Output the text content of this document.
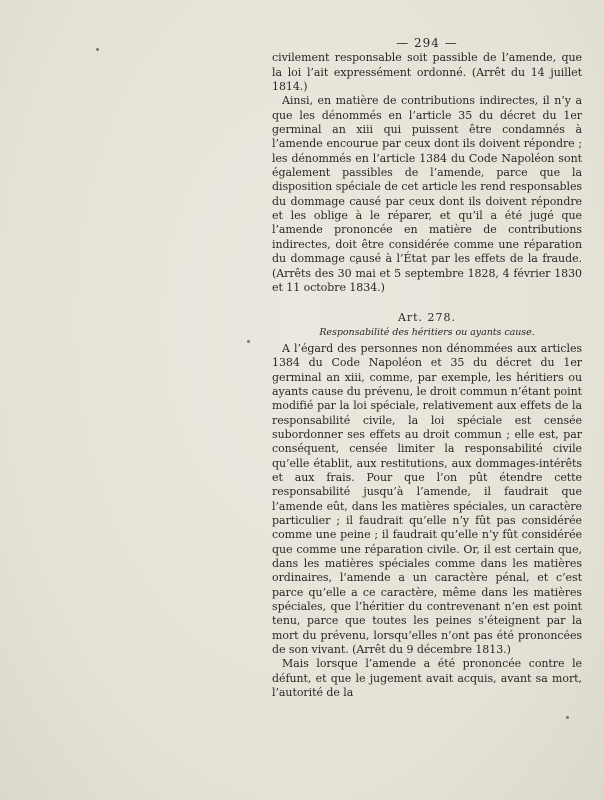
— 294 —

civilement responsable soit passible de l’amende, que la loi l’ait expressément ordonné. (Arrêt du 14 juillet 1814.)

Ainsi, en matière de contributions indirectes, il n’y a que les dénommés en l’article 35 du décret du 1er germinal an xiii qui puissent être condamnés à l’amende encourue par ceux dont ils doivent répondre ; les dénommés en l’article 1384 du Code Napoléon sont également passibles de l’amende, parce que la disposition spéciale de cet article les rend responsables du dommage causé par ceux dont ils doivent répondre et les oblige à le réparer, et qu’il a été jugé que l’amende prononcée en matière de contributions indirectes, doit être considérée comme une réparation du dommage causé à l’État par les effets de la fraude. (Arrêts des 30 mai et 5 septembre 1828, 4 février 1830 et 11 octobre 1834.)

Art. 278.
Responsabilité des héritiers ou ayants cause.

A l’égard des personnes non dénommées aux articles 1384 du Code Napoléon et 35 du décret du 1er germinal an xiii, comme, par exemple, les héritiers ou ayants cause du prévenu, le droit commun n’étant point modifié par la loi spéciale, relativement aux effets de la responsabilité civile, la loi spéciale est censée subordonner ses effets au droit commun ; elle est, par conséquent, censée limiter la responsabilité civile qu’elle établit, aux restitutions, aux dommages-intérêts et aux frais. Pour que l’on pût étendre cette responsabilité jusqu’à l’amende, il faudrait que l’amende eût, dans les matières spéciales, un caractère particulier ; il faudrait qu’elle n’y fût pas considérée comme une peine ; il faudrait qu’elle n’y fût considérée que comme une réparation civile. Or, il est certain que, dans les matières spéciales comme dans les matières ordinaires, l’amende a un caractère pénal, et c’est parce qu’elle a ce caractère, même dans les matières spéciales, que l’héritier du contrevenant n’en est point tenu, parce que toutes les peines s’éteignent par la mort du prévenu, lorsqu’elles n’ont pas été prononcées de son vivant. (Arrêt du 9 décembre 1813.)

Mais lorsque l’amende a été prononcée contre le défunt, et que le jugement avait acquis, avant sa mort, l’autorité de la
